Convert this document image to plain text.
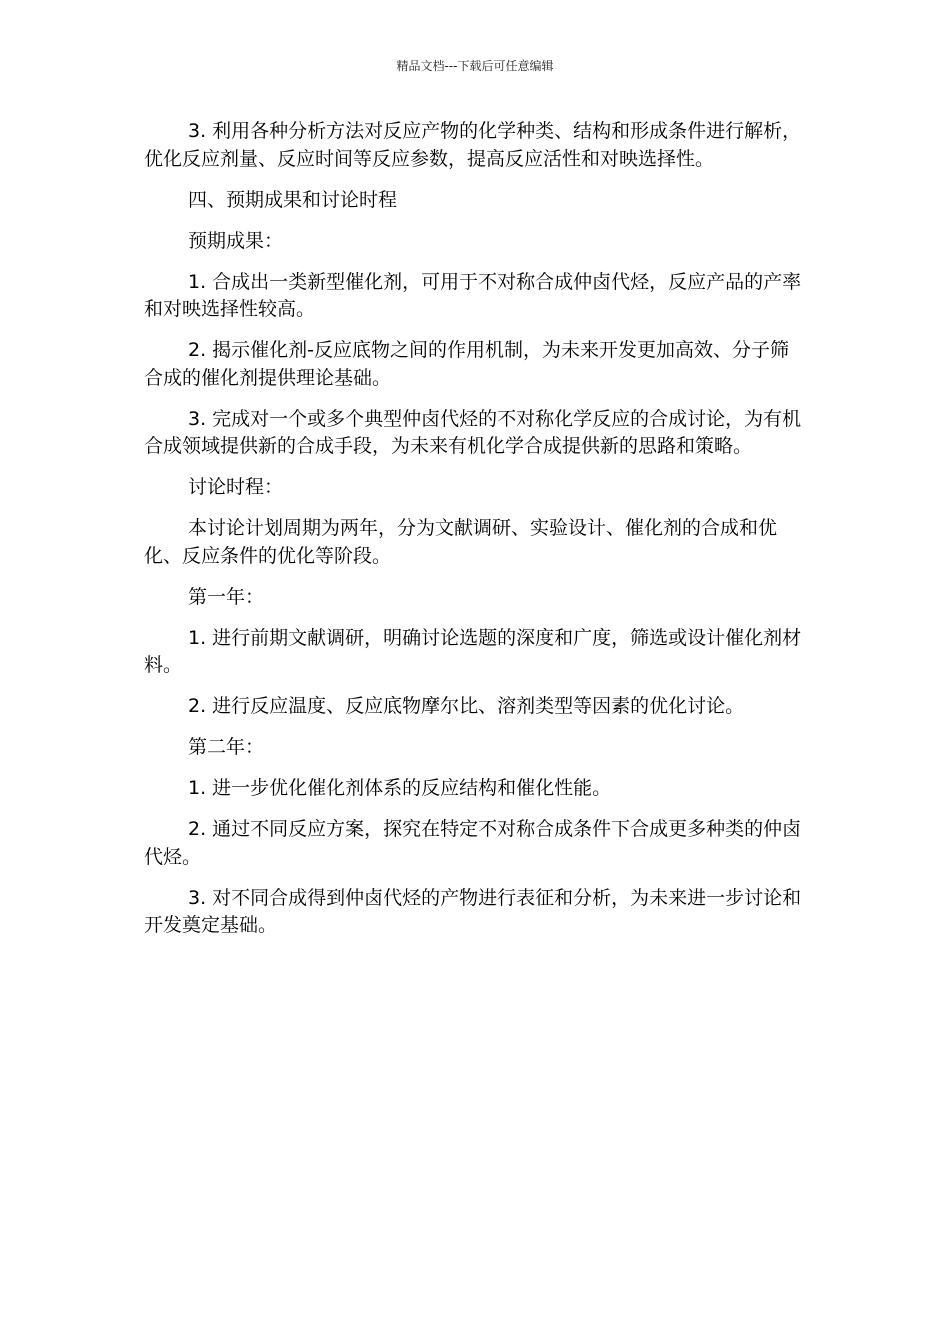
精品文档---下载后可任意编辑

3. 利用各种分析方法对反应产物的化学种类、结构和形成条件进行解析，优化反应剂量、反应时间等反应参数，提高反应活性和对映选择性。

四、预期成果和讨论时程

预期成果：

1. 合成出一类新型催化剂，可用于不对称合成仲卤代烃，反应产品的产率和对映选择性较高。

2. 揭示催化剂-反应底物之间的作用机制，为未来开发更加高效、分子筛合成的催化剂提供理论基础。

3. 完成对一个或多个典型仲卤代烃的不对称化学反应的合成讨论，为有机合成领域提供新的合成手段，为未来有机化学合成提供新的思路和策略。

讨论时程：

本讨论计划周期为两年，分为文献调研、实验设计、催化剂的合成和优化、反应条件的优化等阶段。

第一年：

1. 进行前期文献调研，明确讨论选题的深度和广度，筛选或设计催化剂材料。

2. 进行反应温度、反应底物摩尔比、溶剂类型等因素的优化讨论。

第二年：

1. 进一步优化催化剂体系的反应结构和催化性能。

2. 通过不同反应方案，探究在特定不对称合成条件下合成更多种类的仲卤代烃。

3. 对不同合成得到仲卤代烃的产物进行表征和分析，为未来进一步讨论和开发奠定基础。
